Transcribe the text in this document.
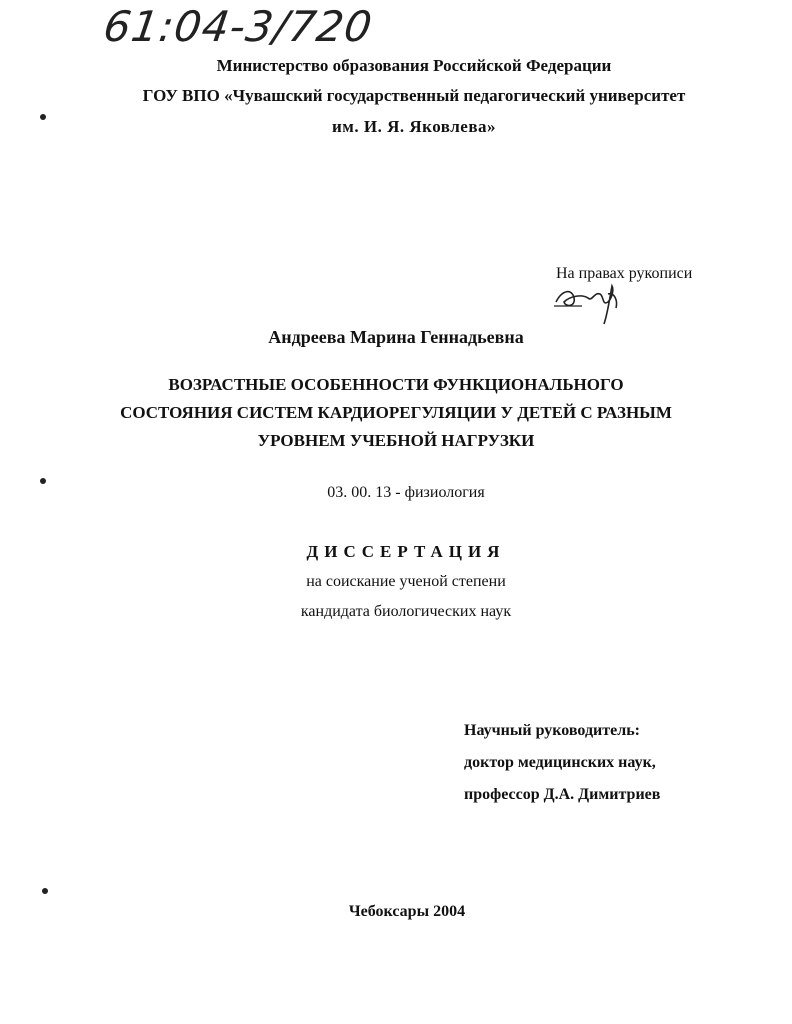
61:04-3/720
Министерство образования Российской Федерации
ГОУ ВПО «Чувашский государственный педагогический университет
им. И. Я. Яковлева»
На правах рукописи
Андреева Марина Геннадьевна
ВОЗРАСТНЫЕ ОСОБЕННОСТИ ФУНКЦИОНАЛЬНОГО
СОСТОЯНИЯ СИСТЕМ КАРДИОРЕГУЛЯЦИИ У ДЕТЕЙ С РАЗНЫМ
УРОВНЕМ УЧЕБНОЙ НАГРУЗКИ
03. 00. 13 - физиология
ДИССЕРТАЦИЯ
на соискание ученой степени
кандидата биологических наук
Научный руководитель:
доктор медицинских наук,
профессор Д.А. Димитриев
Чебоксары 2004
